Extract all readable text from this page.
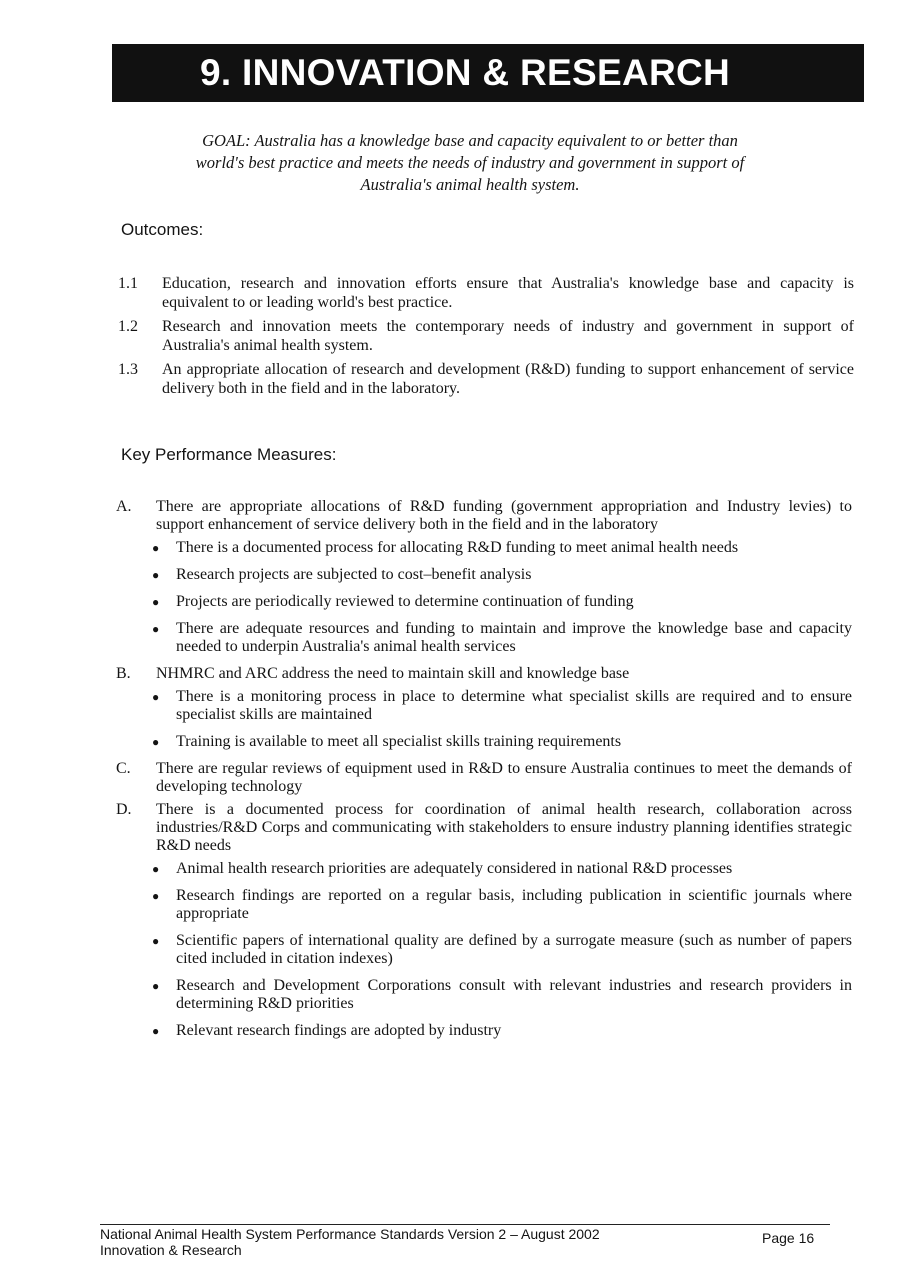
9. INNOVATION & RESEARCH
GOAL: Australia has a knowledge base and capacity equivalent to or better than world's best practice and meets the needs of industry and government in support of Australia's animal health system.
Outcomes:
1.1	Education, research and innovation efforts ensure that Australia's knowledge base and capacity is equivalent to or leading world's best practice.
1.2	Research and innovation meets the contemporary needs of industry and government in support of Australia's animal health system.
1.3	An appropriate allocation of research and development (R&D) funding to support enhancement of service delivery both in the field and in the laboratory.
Key Performance Measures:
A.	There are appropriate allocations of R&D funding (government appropriation and Industry levies) to support enhancement of service delivery both in the field and in the laboratory
●	There is a documented process for allocating R&D funding to meet animal health needs
●	Research projects are subjected to cost–benefit analysis
●	Projects are periodically reviewed to determine continuation of funding
●	There are adequate resources and funding to maintain and improve the knowledge base and capacity needed to underpin Australia's animal health services
B.	NHMRC and ARC address the need to maintain skill and knowledge base
●	There is a monitoring process in place to determine what specialist skills are required and to ensure specialist skills are maintained
●	Training is available to meet all specialist skills training requirements
C.	There are regular reviews of equipment used in R&D to ensure Australia continues to meet the demands of developing technology
D.	There is a documented process for coordination of animal health research, collaboration across industries/R&D Corps and communicating with stakeholders to ensure industry planning identifies strategic R&D needs
●	Animal health research priorities are adequately considered in national R&D processes
●	Research findings are reported on a regular basis, including publication in scientific journals where appropriate
●	Scientific papers of international quality are defined by a surrogate measure (such as number of papers cited included in citation indexes)
●	Research and Development Corporations consult with relevant industries and research providers in determining R&D priorities
●	Relevant research findings are adopted by industry
National Animal Health System Performance Standards Version 2 – August 2002
Innovation & Research
Page 16
